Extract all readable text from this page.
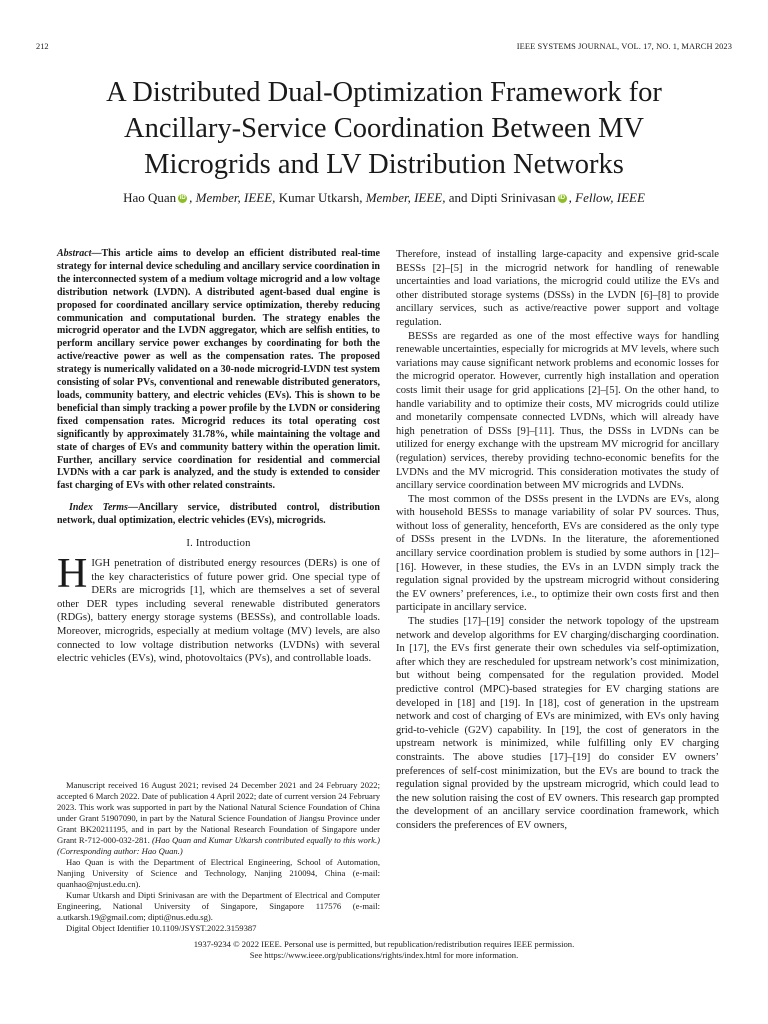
212	IEEE SYSTEMS JOURNAL, VOL. 17, NO. 1, MARCH 2023
A Distributed Dual-Optimization Framework for
Ancillary-Service Coordination Between MV
Microgrids and LV Distribution Networks
Hao Quan iD , Member, IEEE, Kumar Utkarsh, Member, IEEE, and Dipti Srinivasan iD , Fellow, IEEE

Abstract—This article aims to develop an efficient distributed real-time strategy for internal device scheduling and ancillary service coordination in the interconnected system of a medium voltage microgrid and a low voltage distribution network (LVDN). A distributed agent-based dual engine is proposed for coordinated ancillary service optimization, thereby reducing communication and computational burden. The strategy enables the microgrid operator and the LVDN aggregator, which are selfish entities, to perform ancillary service power exchanges by coordinating for both the active/reactive power as well as the compensation rates. The proposed strategy is numerically validated on a 30-node microgrid-LVDN test system consisting of solar PVs, conventional and renewable distributed generators, loads, community battery, and electric vehicles (EVs). This is shown to be beneficial than simply tracking a power profile by the LVDN or considering fixed compensation rates. Microgrid reduces its total operating cost significantly by approximately 31.78%, while maintaining the voltage and state of charges of EVs and community battery within the operation limit. Further, ancillary service coordination for residential and commercial LVDNs with a car park is analyzed, and the study is extended to consider fast charging of EVs with other related constraints.

Index Terms—Ancillary service, distributed control, distribution network, dual optimization, electric vehicles (EVs), microgrids.

I. Introduction

HIGH penetration of distributed energy resources (DERs) is one of the key characteristics of future power grid. One special type of DERs are microgrids [1], which are themselves a set of several other DER types including several renewable distributed generators (RDGs), battery energy storage systems (BESSs), and controllable loads. Moreover, microgrids, especially at medium voltage (MV) levels, are also connected to low voltage distribution networks (LVDNs) with several electric vehicles (EVs), wind, photovoltaics (PVs), and controllable loads.

Manuscript received 16 August 2021; revised 24 December 2021 and 24 February 2022; accepted 6 March 2022. Date of publication 4 April 2022; date of current version 24 February 2023. This work was supported in part by the National Natural Science Foundation of China under Grant 51907090, in part by the Natural Science Foundation of Jiangsu Province under Grant BK20211195, and in part by the National Research Foundation of Singapore under Grant R-712-000-032-281. (Hao Quan and Kumar Utkarsh contributed equally to this work.) (Corresponding author: Hao Quan.)

Hao Quan is with the Department of Electrical Engineering, School of Automation, Nanjing University of Science and Technology, Nanjing 210094, China (e-mail: quanhao@njust.edu.cn).

Kumar Utkarsh and Dipti Srinivasan are with the Department of Electrical and Computer Engineering, National University of Singapore, Singapore 117576 (e-mail: a.utkarsh.19@gmail.com; dipti@nus.edu.sg).

Digital Object Identifier 10.1109/JSYST.2022.3159387

Therefore, instead of installing large-capacity and expensive grid-scale BESSs [2]–[5] in the microgrid network for handling of renewable uncertainties and load variations, the microgrid could utilize the EVs and other distributed storage systems (DSSs) in the LVDN [6]–[8] to provide ancillary services, such as active/reactive power support and voltage regulation.

BESSs are regarded as one of the most effective ways for handling renewable uncertainties, especially for microgrids at MV levels, where such variations may cause significant network problems and economic losses for the microgrid operator. However, currently high installation and operation costs limit their usage for grid applications [2]–[5]. On the other hand, to handle variability and to optimize their costs, MV microgrids could utilize and monetarily compensate connected LVDNs, which will already have high penetration of DSSs [9]–[11]. Thus, the DSSs in LVDNs can be utilized for energy exchange with the upstream MV microgrid for ancillary (regulation) services, thereby providing techno-economic benefits for the LVDNs and the MV microgrid. This consideration motivates the study of ancillary service coordination between MV microgrids and LVDNs.

The most common of the DSSs present in the LVDNs are EVs, along with household BESSs to manage variability of solar PV sources. Thus, without loss of generality, henceforth, EVs are considered as the only type of DSSs present in the LVDNs. In the literature, the aforementioned ancillary service coordination problem is studied by some authors in [12]–[16]. However, in these studies, the EVs in an LVDN simply track the regulation signal provided by the upstream microgrid without considering the EV owners’ preferences, i.e., to optimize their own costs first and then participate in ancillary service.

The studies [17]–[19] consider the network topology of the upstream network and develop algorithms for EV charging/discharging coordination. In [17], the EVs first generate their own schedules via self-optimization, after which they are rescheduled for upstream network’s cost minimization, but without being compensated for the regulation provided. Model predictive control (MPC)-based strategies for EV charging stations are developed in [18] and [19]. In [18], cost of generation in the upstream network and cost of charging of EVs are minimized, with EVs only having grid-to-vehicle (G2V) capability. In [19], the cost of generators in the upstream network is minimized, while fulfilling only EV charging constraints. The above studies [17]–[19] do consider EV owners’ preferences of self-cost minimization, but the EVs are bound to track the regulation signal provided by the upstream microgrid, which could lead to the new solution raising the cost of EV owners. This research gap prompted the development of an ancillary service coordination framework, which considers the preferences of EV owners,

1937-9234 © 2022 IEEE. Personal use is permitted, but republication/redistribution requires IEEE permission.
See https://www.ieee.org/publications/rights/index.html for more information.
